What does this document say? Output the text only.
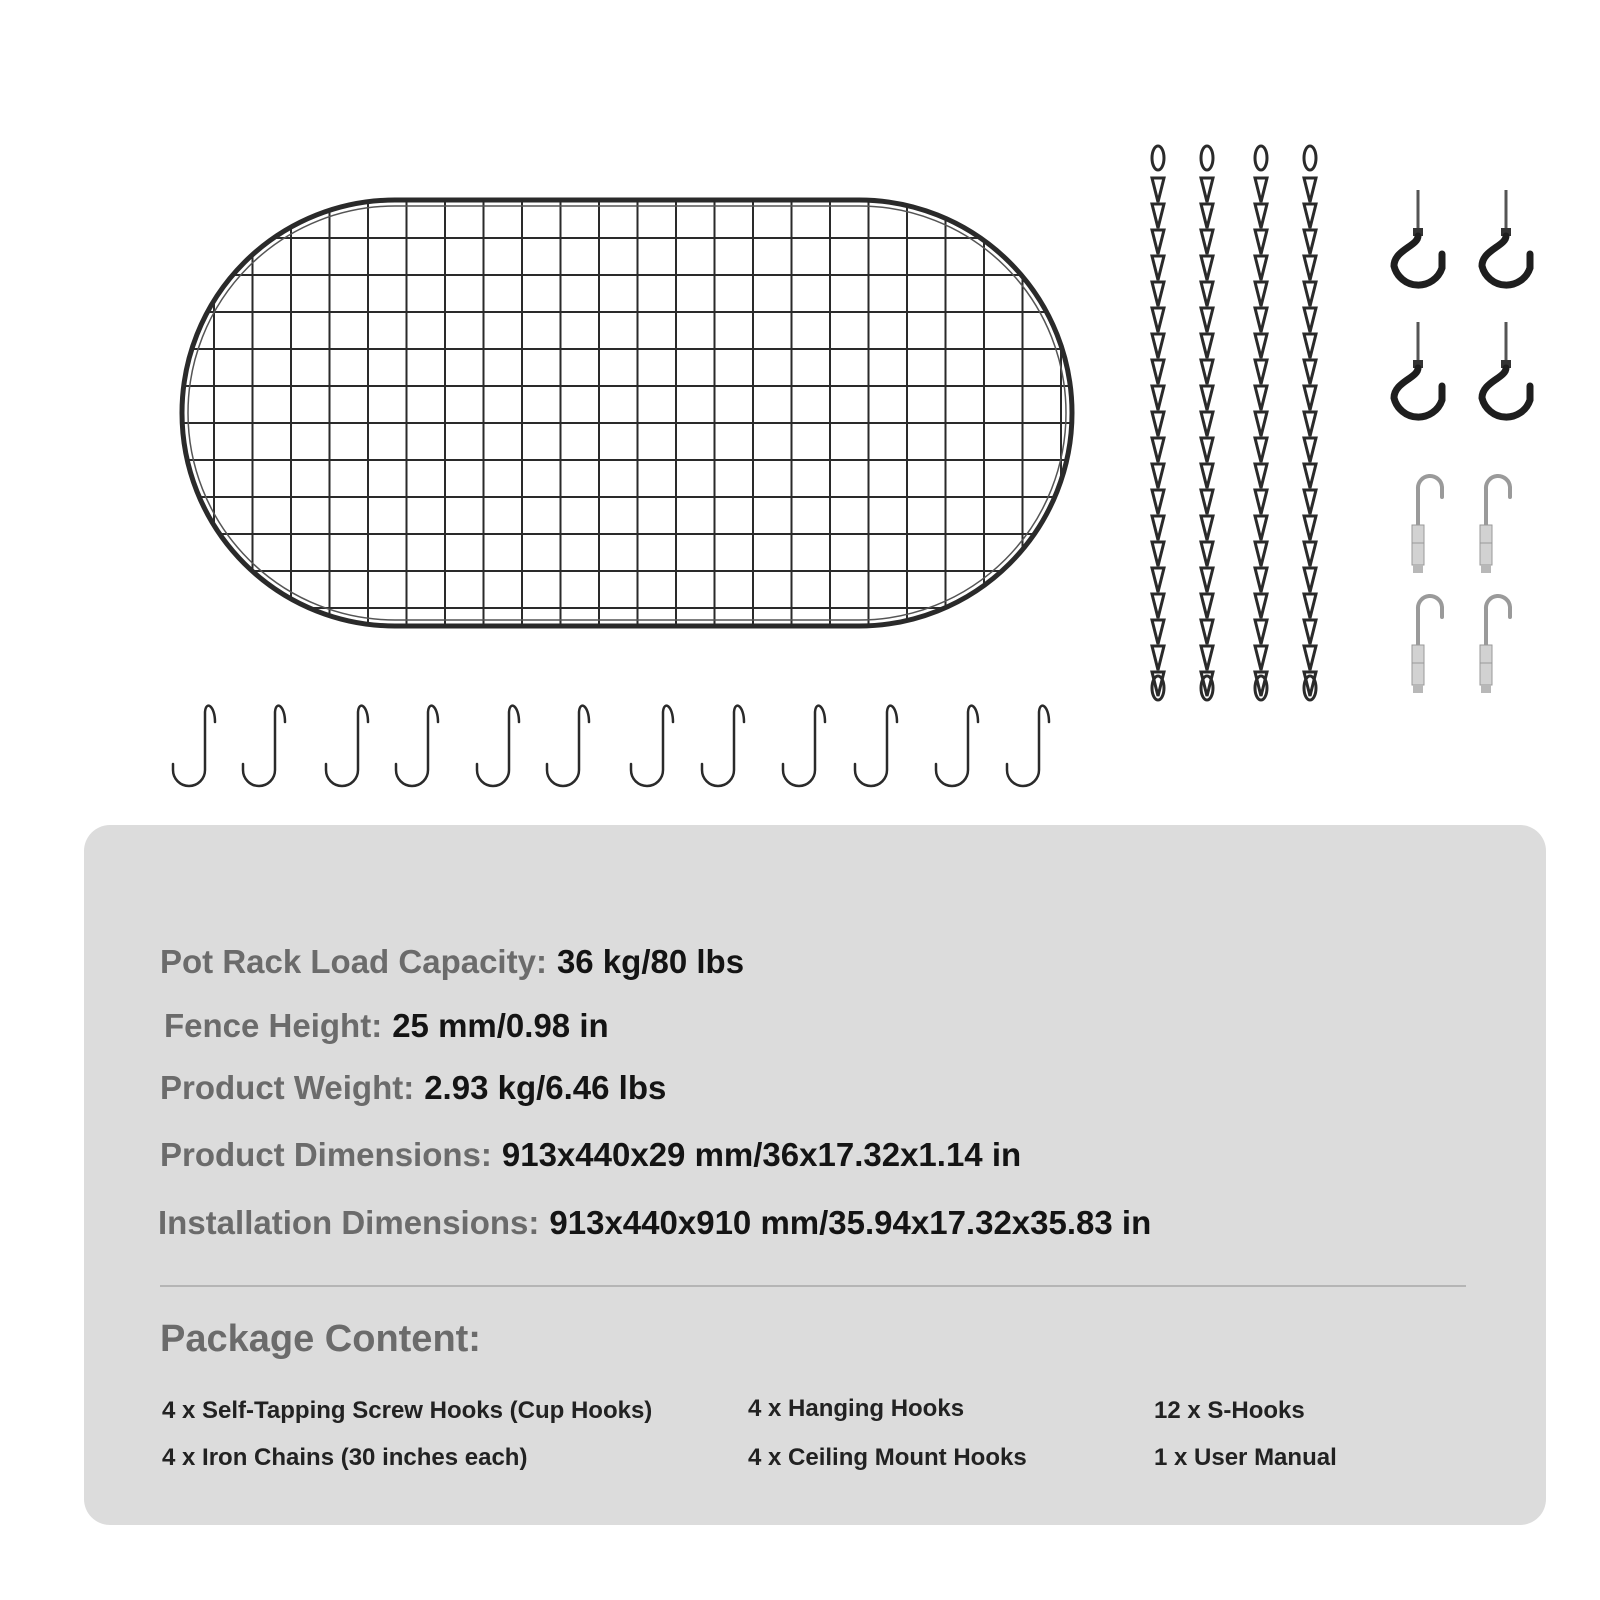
Pot Rack Load Capacity: 36 kg/80 lbs
Fence Height: 25 mm/0.98 in
Product Weight: 2.93 kg/6.46 lbs
Product Dimensions: 913x440x29 mm/36x17.32x1.14 in
Installation Dimensions: 913x440x910 mm/35.94x17.32x35.83 in
Package Content:
4 x Self-Tapping Screw Hooks (Cup Hooks)	4 x Hanging Hooks	12 x S-Hooks
4 x Iron Chains (30 inches each)	4 x Ceiling Mount Hooks	1 x User Manual
